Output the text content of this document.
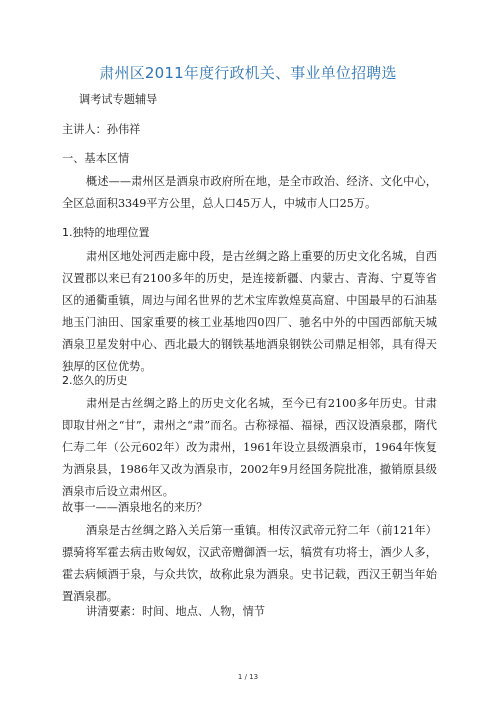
肃州区2011年度行政机关、事业单位招聘选
调考试专题辅导
主讲人：孙伟祥
一、基本区情
概述——肃州区是酒泉市政府所在地，是全市政治、经济、文化中心，全区总面积3349平方公里，总人口45万人，中城市人口25万。
1.独特的地理位置
肃州区地处河西走廊中段，是古丝绸之路上重要的历史文化名城，自西汉置郡以来已有2100多年的历史，是连接新疆、内蒙古、青海、宁夏等省区的通衢重镇，周边与闻名世界的艺术宝库敦煌莫高窟、中国最早的石油基地玉门油田、国家重要的核工业基地四0四厂、驰名中外的中国西部航天城酒泉卫星发射中心、西北最大的钢铁基地酒泉钢铁公司鼎足相邻，具有得天独厚的区位优势。
2.悠久的历史
肃州是古丝绸之路上的历史文化名城，至今已有2100多年历史。甘肃即取甘州之“甘”，肃州之“肃”而名。古称禄福、福禄，西汉设酒泉郡，隋代仁寿二年（公元602年）改为肃州，1961年设立县级酒泉市，1964年恢复为酒泉县，1986年又改为酒泉市，2002年9月经国务院批准，撤销原县级酒泉市后设立肃州区。
故事一——酒泉地名的来历？
酒泉是古丝绸之路入关后第一重镇。相传汉武帝元狩二年（前121年）骠骑将军霍去病击败匈奴，汉武帝赠御酒一坛，犒赏有功将士，酒少人多，霍去病倾酒于泉，与众共饮，故称此泉为酒泉。史书记载，西汉王朝当年始置酒泉郡。
讲清要素：时间、地点、人物，情节
1 / 13
